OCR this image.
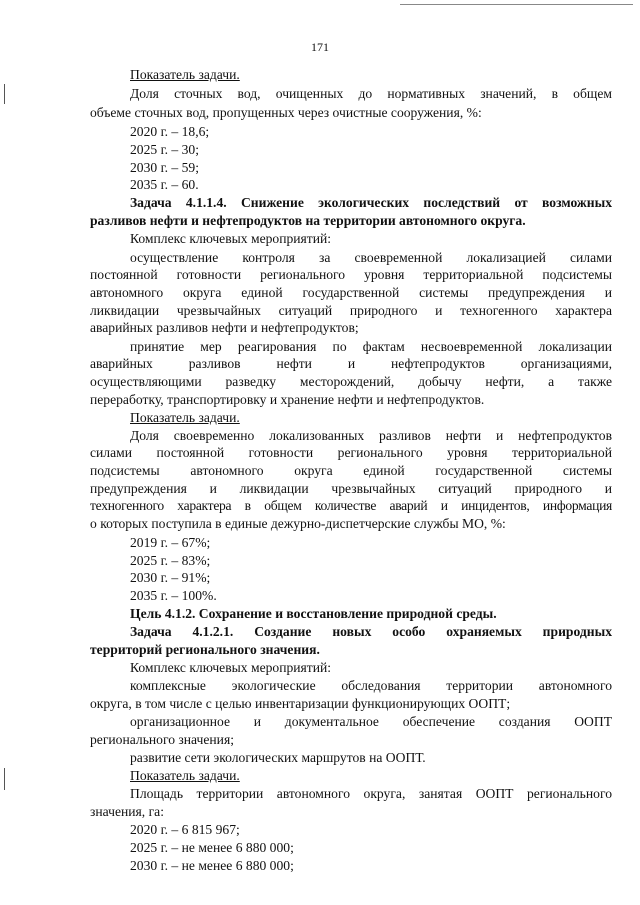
171
Показатель задачи.
Доля сточных вод, очищенных до нормативных значений, в общем
объеме сточных вод, пропущенных через очистные сооружения, %:
2020 г. – 18,6;
2025 г. – 30;
2030 г. – 59;
2035 г. – 60.
Задача 4.1.1.4. Снижение экологических последствий от возможных
разливов нефти и нефтепродуктов на территории автономного округа.
Комплекс ключевых мероприятий:
осуществление контроля за своевременной локализацией силами
постоянной готовности регионального уровня территориальной подсистемы
автономного округа единой государственной системы предупреждения и
ликвидации чрезвычайных ситуаций природного и техногенного характера
аварийных разливов нефти и нефтепродуктов;
принятие мер реагирования по фактам несвоевременной локализации
аварийных разливов нефти и нефтепродуктов организациями,
осуществляющими разведку месторождений, добычу нефти, а также
переработку, транспортировку и хранение нефти и нефтепродуктов.
Показатель задачи.
Доля своевременно локализованных разливов нефти и нефтепродуктов
силами постоянной готовности регионального уровня территориальной
подсистемы автономного округа единой государственной системы
предупреждения и ликвидации чрезвычайных ситуаций природного и
техногенного характера в общем количестве аварий и инцидентов, информация
о которых поступила в единые дежурно-диспетчерские службы МО, %:
2019 г. – 67%;
2025 г. – 83%;
2030 г. – 91%;
2035 г. – 100%.
Цель 4.1.2. Сохранение и восстановление природной среды.
Задача 4.1.2.1. Создание новых особо охраняемых природных
территорий регионального значения.
Комплекс ключевых мероприятий:
комплексные экологические обследования территории автономного
округа, в том числе с целью инвентаризации функционирующих ООПТ;
организационное и документальное обеспечение создания ООПТ
регионального значения;
развитие сети экологических маршрутов на ООПТ.
Показатель задачи.
Площадь территории автономного округа, занятая ООПТ регионального
значения, га:
2020 г. – 6 815 967;
2025 г. – не менее 6 880 000;
2030 г. – не менее 6 880 000;
